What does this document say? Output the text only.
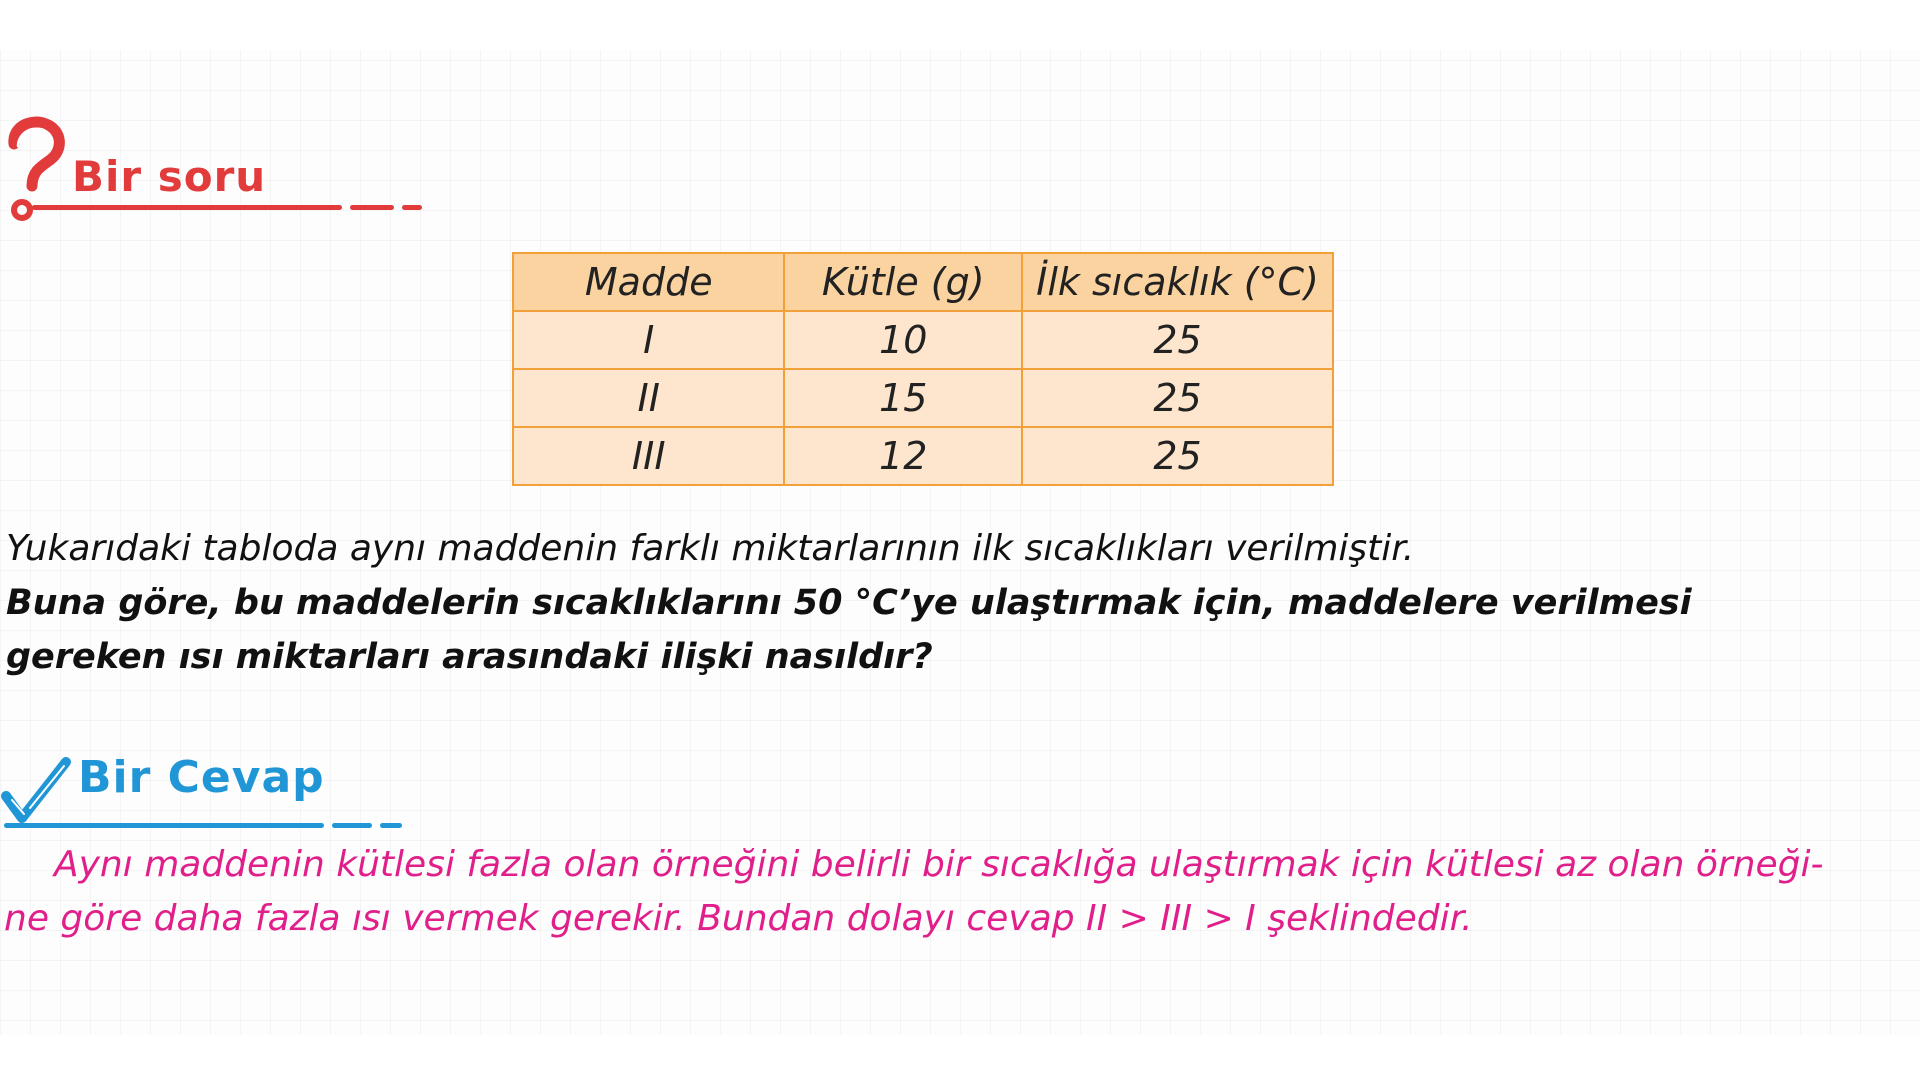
Bir soru
Madde	Kütle (g)	İlk sıcaklık (°C)
I	10	25
II	15	25
III	12	25
Yukarıdaki tabloda aynı maddenin farklı miktarlarının ilk sıcaklıkları verilmiştir.
Buna göre, bu maddelerin sıcaklıklarını 50 °C’ye ulaştırmak için, maddelere verilmesi gereken ısı miktarları arasındaki ilişki nasıldır?
Bir Cevap
Aynı maddenin kütlesi fazla olan örneğini belirli bir sıcaklığa ulaştırmak için kütlesi az olan örneği-
ne göre daha fazla ısı vermek gerekir. Bundan dolayı cevap II > III > I şeklindedir.
